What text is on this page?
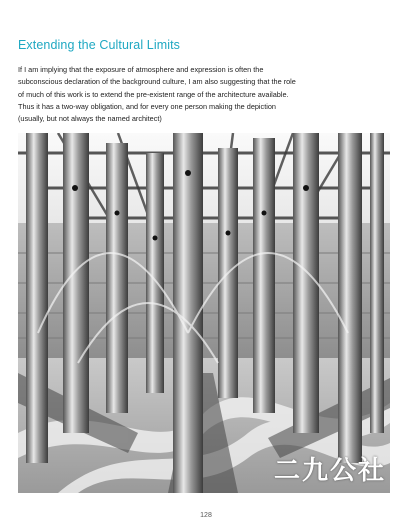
Extending the Cultural Limits

If I am implying that the exposure of atmosphere and expression is often the subconscious declaration of the background culture, I am also suggesting that the role of much of this work is to extend the pre-existent range of the architecture available. Thus it has a two-way obligation, and for every one person making the depiction (usually, but not always the named architect)

二九公社
128
